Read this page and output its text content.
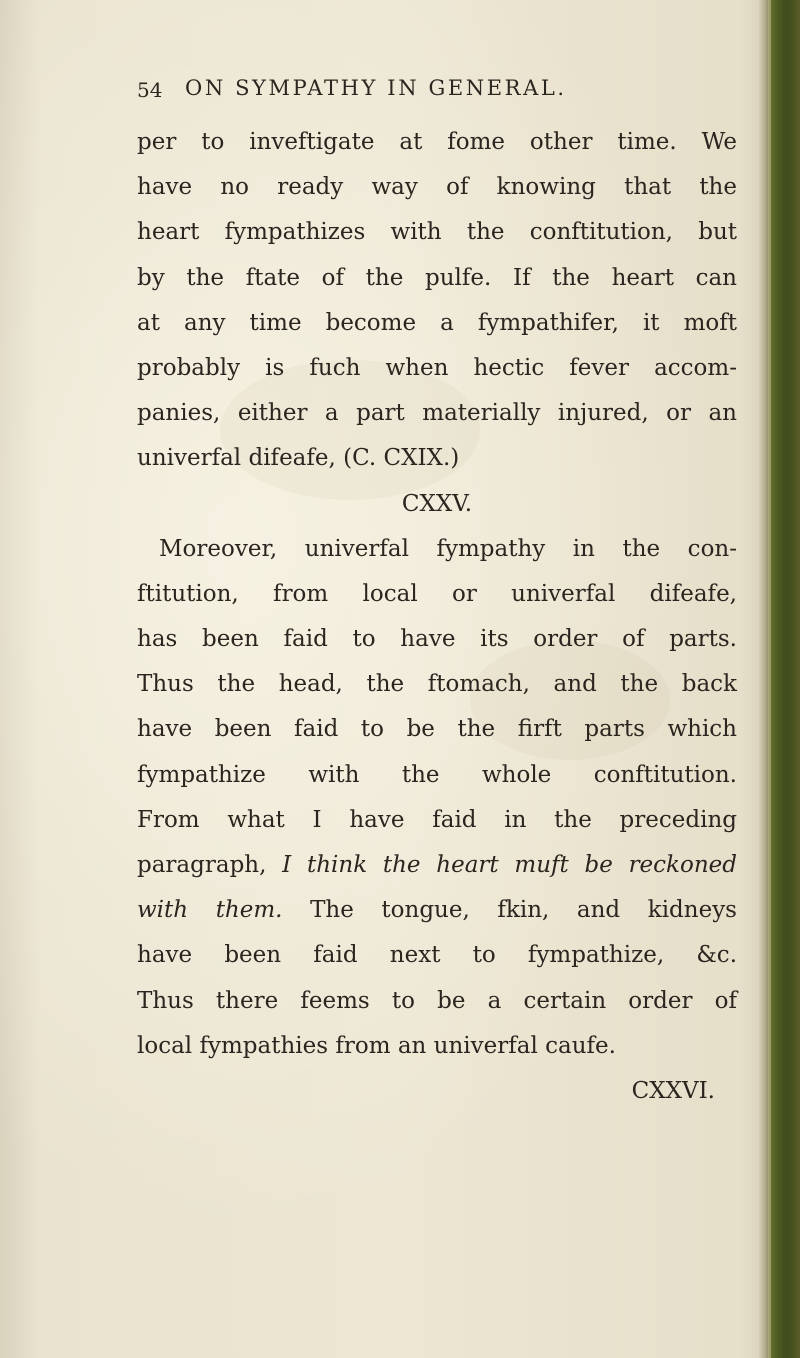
54 ON SYMPATHY IN GENERAL.
per to inveftigate at fome other time. We
have no ready way of knowing that the
heart fympathizes with the conftitution, but
by the ftate of the pulfe. If the heart can
at any time become a fympathifer, it moft
probably is fuch when hectic fever accom-
panies, either a part materially injured, or an
univerfal difeafe, (C. CXIX.)
CXXV.
Moreover, univerfal fympathy in the con-
ftitution, from local or univerfal difeafe,
has been faid to have its order of parts.
Thus the head, the ftomach, and the back
have been faid to be the firft parts which
fympathize with the whole conftitution.
From what I have faid in the preceding
paragraph, I think the heart muft be reckoned
with them. The tongue, fkin, and kidneys
have been faid next to fympathize, &c.
Thus there feems to be a certain order of
local fympathies from an univerfal caufe.
CXXVI.
